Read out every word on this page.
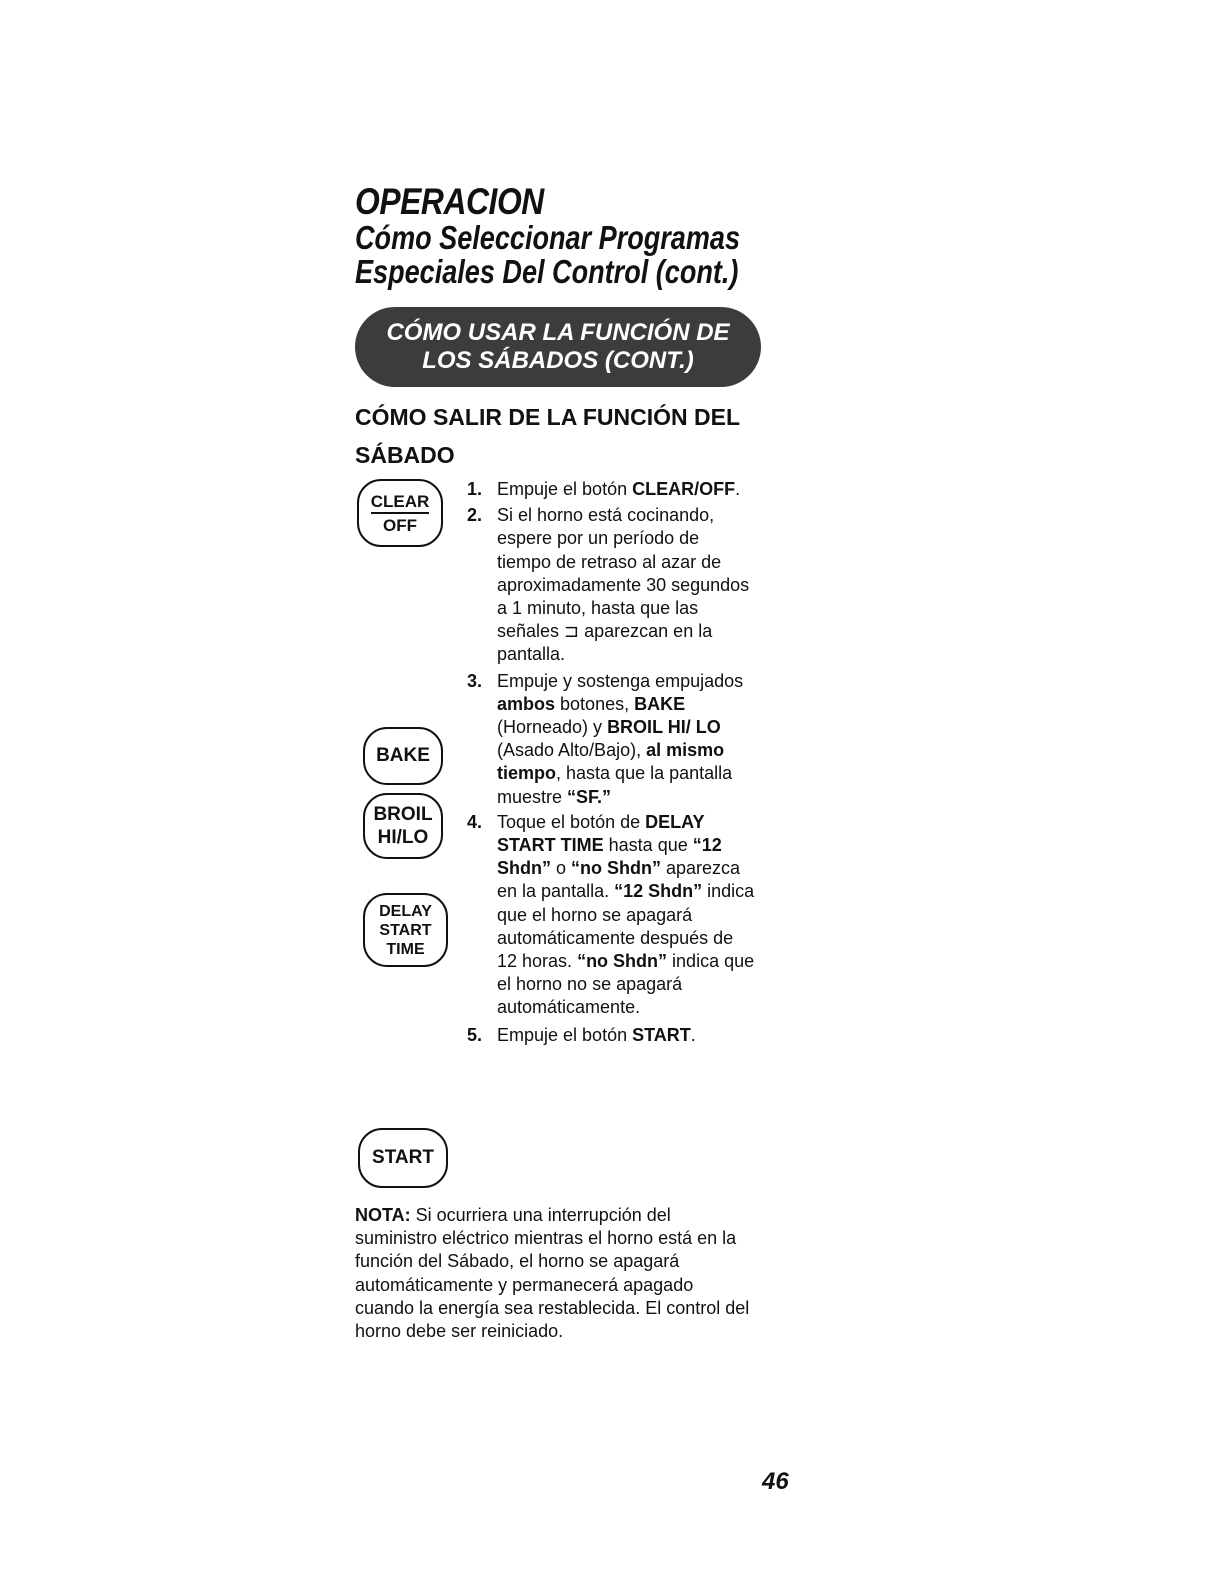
OPERACION
Cómo Seleccionar Programas Especiales Del Control (cont.)
CÓMO USAR LA FUNCIÓN DE LOS SÁBADOS (CONT.)
CÓMO SALIR DE LA FUNCIÓN DEL SÁBADO
CLEAR
OFF
BAKE
BROIL
HI/LO
DELAY
START
TIME
START
1. Empuje el botón CLEAR/OFF.
2. Si el horno está cocinando, espere por un período de tiempo de retraso al azar de aproximadamente 30 segundos a 1 minuto, hasta que las señales ⊐ aparezcan en la pantalla.
3. Empuje y sostenga empujados ambos botones, BAKE (Horneado) y BROIL HI/ LO (Asado Alto/Bajo), al mismo tiempo, hasta que la pantalla muestre “SF.”
4. Toque el botón de DELAY START TIME hasta que “12 Shdn” o “no Shdn” aparezca en la pantalla. “12 Shdn” indica que el horno se apagará automáticamente después de 12 horas. “no Shdn” indica que el horno no se apagará automáticamente.
5. Empuje el botón START.

NOTA: Si ocurriera una interrupción del suministro eléctrico mientras el horno está en la función del Sábado, el horno se apagará automáticamente y permanecerá apagado cuando la energía sea restablecida. El control del horno debe ser reiniciado.

46
